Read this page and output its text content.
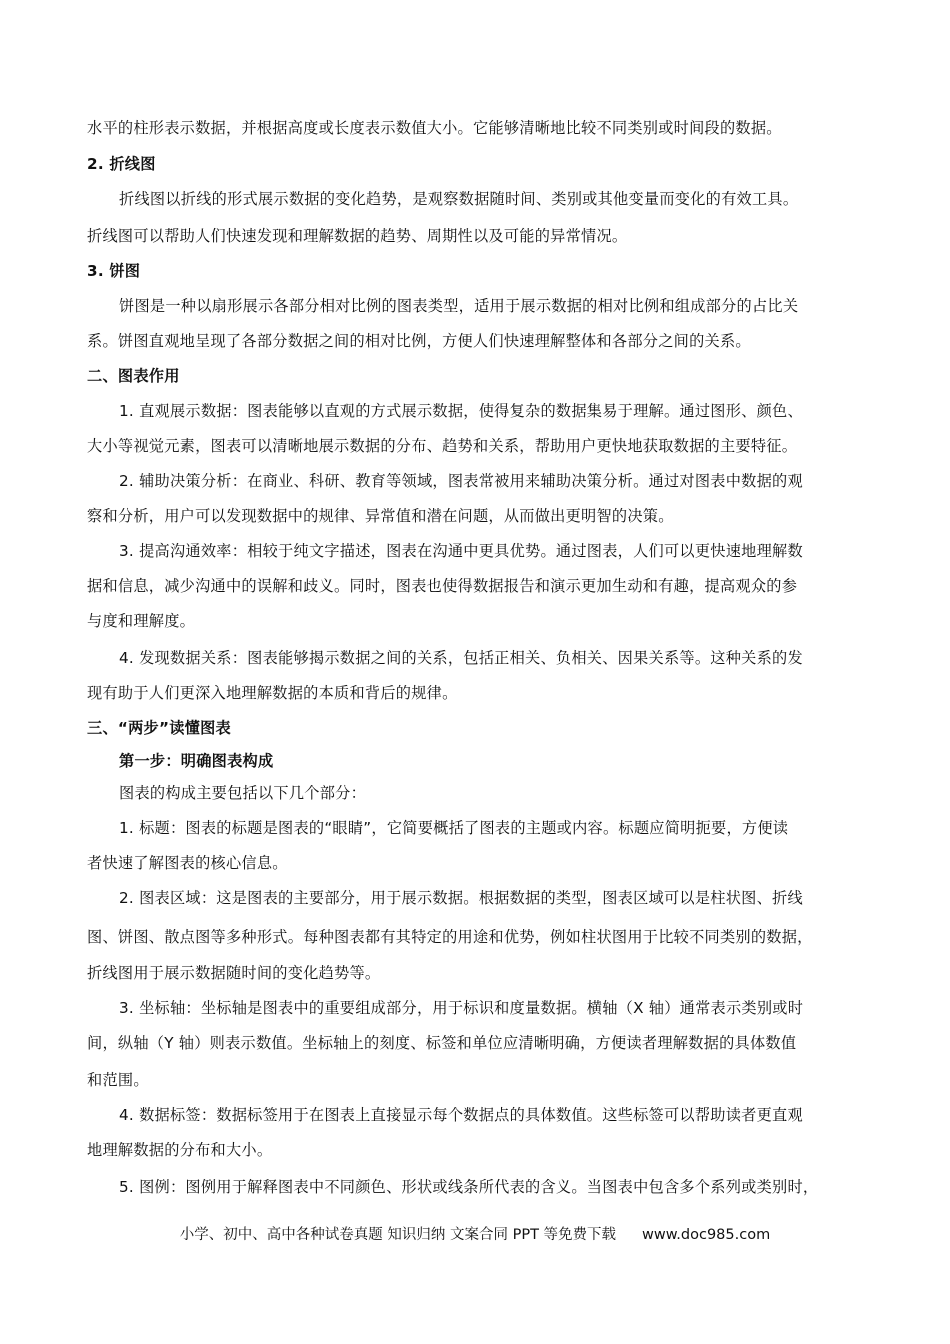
水平的柱形表示数据，并根据高度或长度表示数值大小。它能够清晰地比较不同类别或时间段的数据。
2. 折线图
折线图以折线的形式展示数据的变化趋势，是观察数据随时间、类别或其他变量而变化的有效工具。
折线图可以帮助人们快速发现和理解数据的趋势、周期性以及可能的异常情况。
3. 饼图
饼图是一种以扇形展示各部分相对比例的图表类型，适用于展示数据的相对比例和组成部分的占比关
系。饼图直观地呈现了各部分数据之间的相对比例，方便人们快速理解整体和各部分之间的关系。
二、图表作用
1. 直观展示数据：图表能够以直观的方式展示数据，使得复杂的数据集易于理解。通过图形、颜色、
大小等视觉元素，图表可以清晰地展示数据的分布、趋势和关系，帮助用户更快地获取数据的主要特征。
2. 辅助决策分析：在商业、科研、教育等领域，图表常被用来辅助决策分析。通过对图表中数据的观
察和分析，用户可以发现数据中的规律、异常值和潜在问题，从而做出更明智的决策。
3. 提高沟通效率：相较于纯文字描述，图表在沟通中更具优势。通过图表，人们可以更快速地理解数
据和信息，减少沟通中的误解和歧义。同时，图表也使得数据报告和演示更加生动和有趣，提高观众的参
与度和理解度。
4. 发现数据关系：图表能够揭示数据之间的关系，包括正相关、负相关、因果关系等。这种关系的发
现有助于人们更深入地理解数据的本质和背后的规律。
三、“两步”读懂图表
第一步：明确图表构成
图表的构成主要包括以下几个部分：
1. 标题：图表的标题是图表的“眼睛”，它简要概括了图表的主题或内容。标题应简明扼要，方便读
者快速了解图表的核心信息。
2. 图表区域：这是图表的主要部分，用于展示数据。根据数据的类型，图表区域可以是柱状图、折线
图、饼图、散点图等多种形式。每种图表都有其特定的用途和优势，例如柱状图用于比较不同类别的数据，
折线图用于展示数据随时间的变化趋势等。
3. 坐标轴：坐标轴是图表中的重要组成部分，用于标识和度量数据。横轴（X 轴）通常表示类别或时
间，纵轴（Y 轴）则表示数值。坐标轴上的刻度、标签和单位应清晰明确，方便读者理解数据的具体数值
和范围。
4. 数据标签：数据标签用于在图表上直接显示每个数据点的具体数值。这些标签可以帮助读者更直观
地理解数据的分布和大小。
5. 图例：图例用于解释图表中不同颜色、形状或线条所代表的含义。当图表中包含多个系列或类别时，
小学、初中、高中各种试卷真题 知识归纳 文案合同 PPT 等免费下载 www.doc985.com
